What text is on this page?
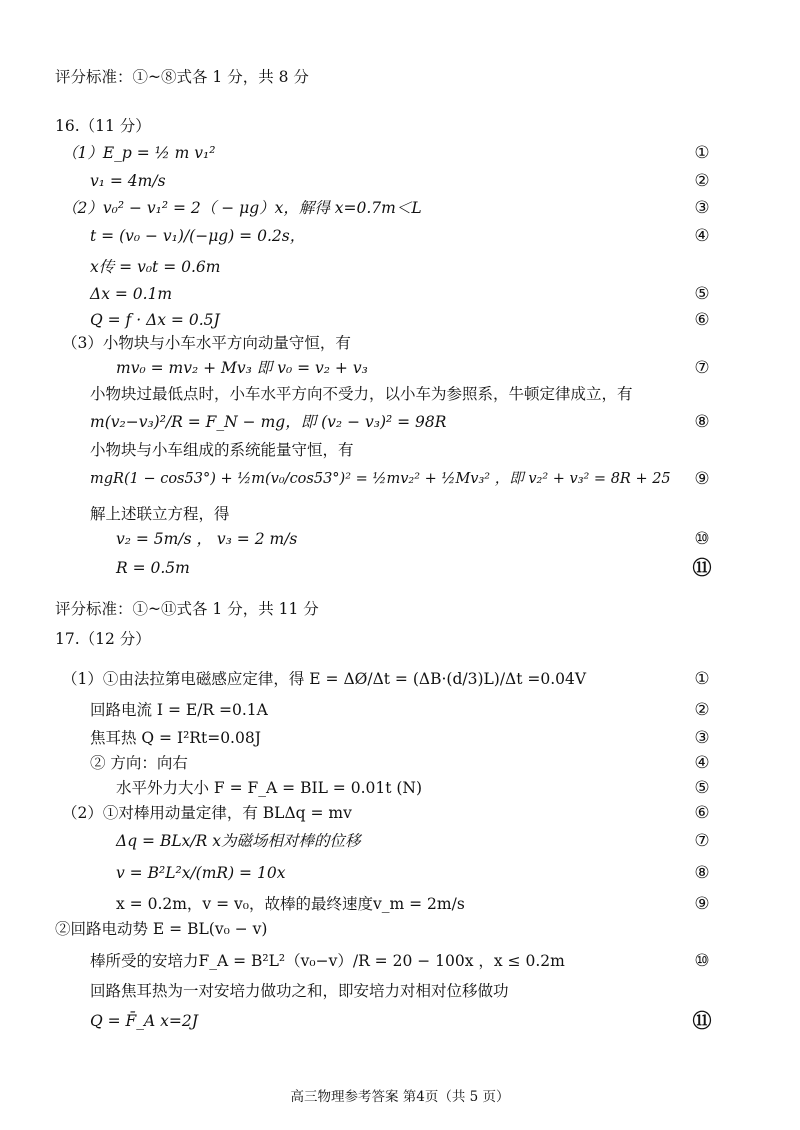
评分标准：①~⑧式各 1 分，共 8 分
16.（11 分）
（1）E_p = ½ m v₁²	①
v₁ = 4m/s	②
（2）v₀² − v₁² = 2（ − μg）x，解得 x=0.7m＜L	③
t = (v₀ − v₁)/(−μg) = 0.2s，	④
x传 = v₀t = 0.6m
Δx = 0.1m	⑤
Q = f · Δx = 0.5J	⑥
（3）小物块与小车水平方向动量守恒，有
mv₀ = mv₂ + Mv₃ 即 v₀ = v₂ + v₃	⑦
小物块过最低点时，小车水平方向不受力，以小车为参照系，牛顿定律成立，有
m(v₂−v₃)²/R = F_N − mg，即 (v₂ − v₃)² = 98R	⑧
小物块与小车组成的系统能量守恒，有
mgR(1 − cos53°) + ½m(v₀/cos53°)² = ½mv₂² + ½Mv₃² ，即 v₂² + v₃² = 8R + 25 ⑨
解上述联立方程，得
v₂ = 5m/s ， v₃ = 2 m/s	⑩
R = 0.5m	⑪
评分标准：①~⑪式各 1 分，共 11 分
17.（12 分）
（1）①由法拉第电磁感应定律，得 E = ΔØ/Δt = (ΔB·(d/3)L)/Δt =0.04V	①
回路电流 I = E/R =0.1A	②
焦耳热 Q = I²Rt=0.08J	③
② 方向：向右	④
水平外力大小 F = F_A = BIL = 0.01t (N)	⑤
（2）①对棒用动量定律，有 BLΔq = mv	⑥
Δq = BLx/R x为磁场相对棒的位移	⑦
v = B²L²x/(mR) = 10x	⑧
x = 0.2m，v = v₀，故棒的最终速度v_m = 2m/s	⑨
②回路电动势 E = BL(v₀ − v)
棒所受的安培力F_A = B²L²（v₀−v）/R = 20 − 100x ，x ≤ 0.2m	⑩
回路焦耳热为一对安培力做功之和，即安培力对相对位移做功
Q = F̄_A x=2J	⑪
高三物理参考答案 第4页（共 5 页）
